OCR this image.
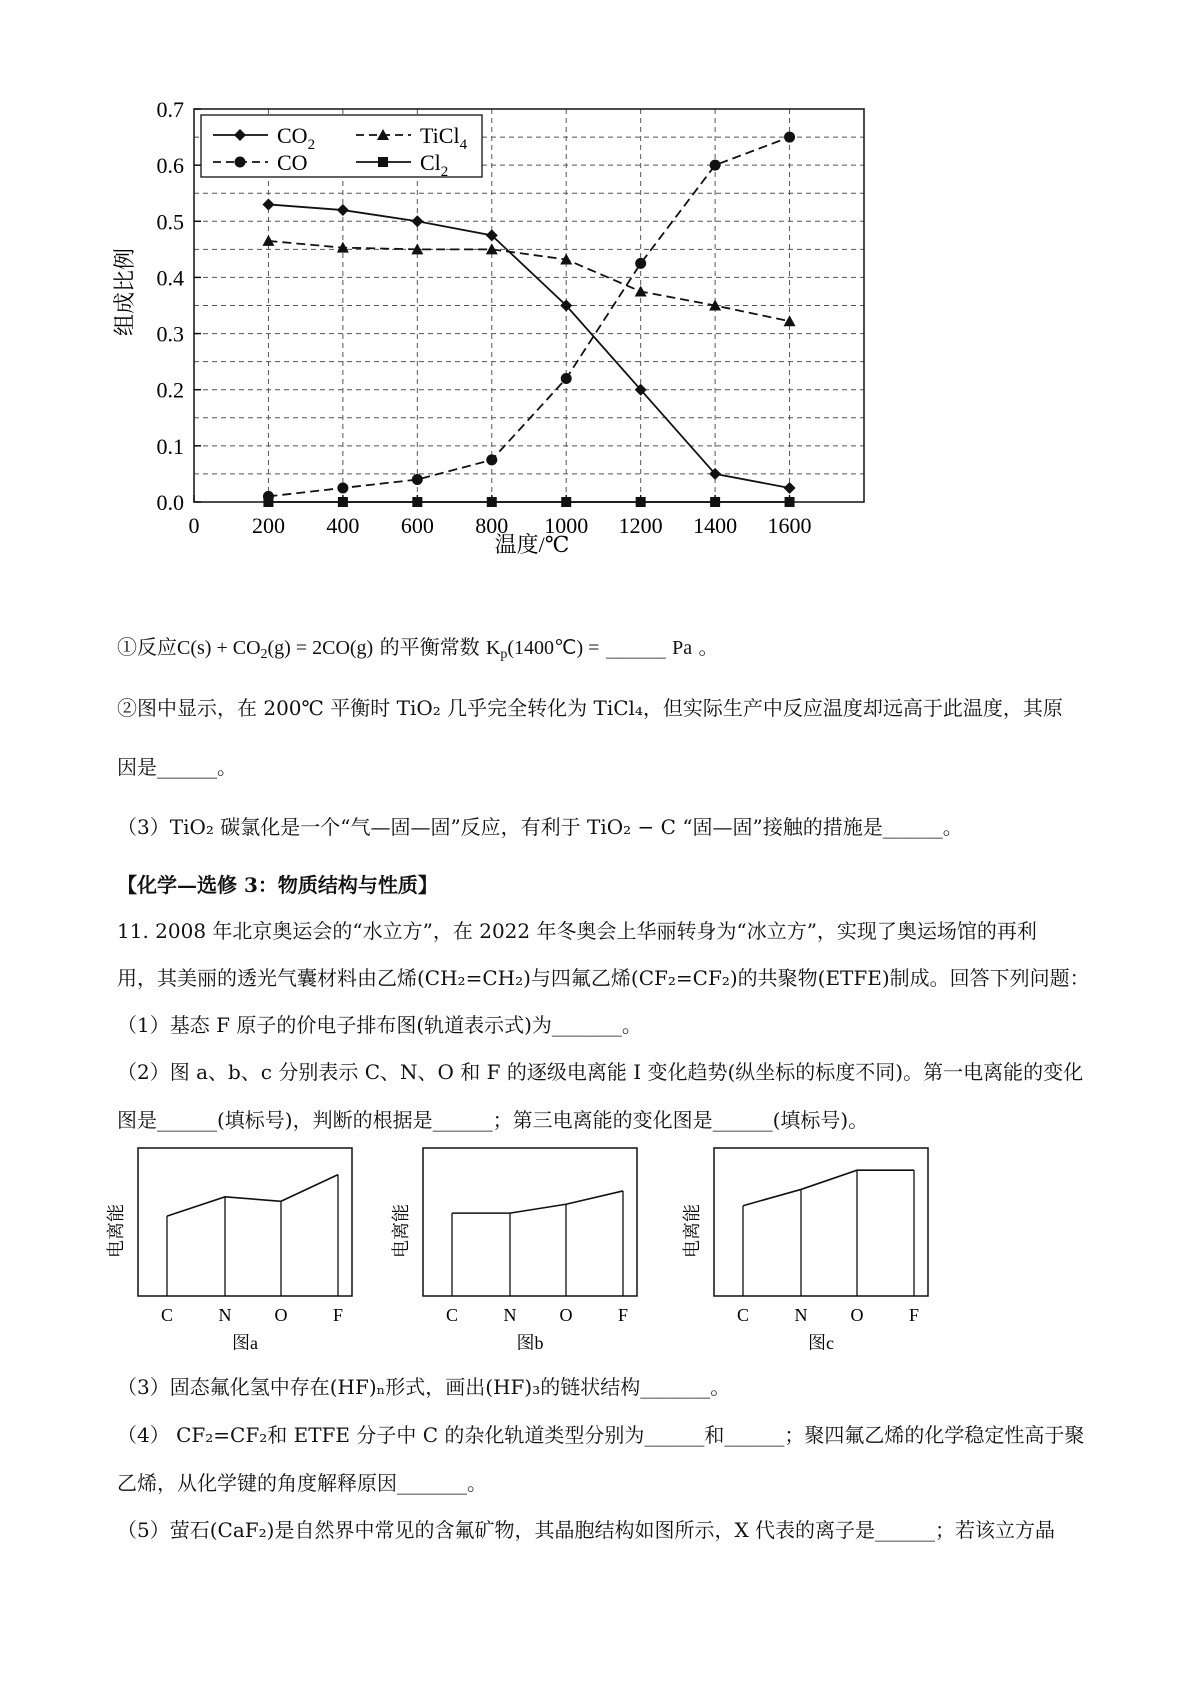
0.0
0.1
0.2
0.3
0.4
0.5
0.6
0.7
0 200 400 600 800 1000 1200 1400 1600
$CO_2$	TiCl$_4$
CO	$Cl_2$
温度/℃
组成比例
①反应$C(s) + CO_2(g) = 2CO(g)$ 的平衡常数 $K_p(1400℃)$ = ______ Pa 。
②图中显示，在 200℃ 平衡时 TiO₂ 几乎完全转化为 TiCl₄，但实际生产中反应温度却远高于此温度，其原
因是______。
（3）TiO₂ 碳氯化是一个“气—固—固”反应，有利于 TiO₂ − C “固—固”接触的措施是______。
【化学—选修 3：物质结构与性质】
11. 2008 年北京奥运会的“水立方”，在 2022 年冬奥会上华丽转身为“冰立方”，实现了奥运场馆的再利
用，其美丽的透光气囊材料由乙烯(CH₂=CH₂)与四氟乙烯(CF₂=CF₂)的共聚物(ETFE)制成。回答下列问题：
（1）基态 F 原子的价电子排布图(轨道表示式)为_______。
（2）图 a、b、c 分别表示 C、N、O 和 F 的逐级电离能 I 变化趋势(纵坐标的标度不同)。第一电离能的变化
图是______(填标号)，判断的根据是______；第三电离能的变化图是______(填标号)。
C	N O	F
图a
电离能
C	N O	F
图b
电离能
C	N O	F
图c
电离能
（3）固态氟化氢中存在(HF)ₙ形式，画出(HF)₃的链状结构_______。
（4） CF₂=CF₂和 ETFE 分子中 C 的杂化轨道类型分别为______和______；聚四氟乙烯的化学稳定性高于聚
乙烯，从化学键的角度解释原因_______。
（5）萤石(CaF₂)是自然界中常见的含氟矿物，其晶胞结构如图所示，X 代表的离子是______；若该立方晶
